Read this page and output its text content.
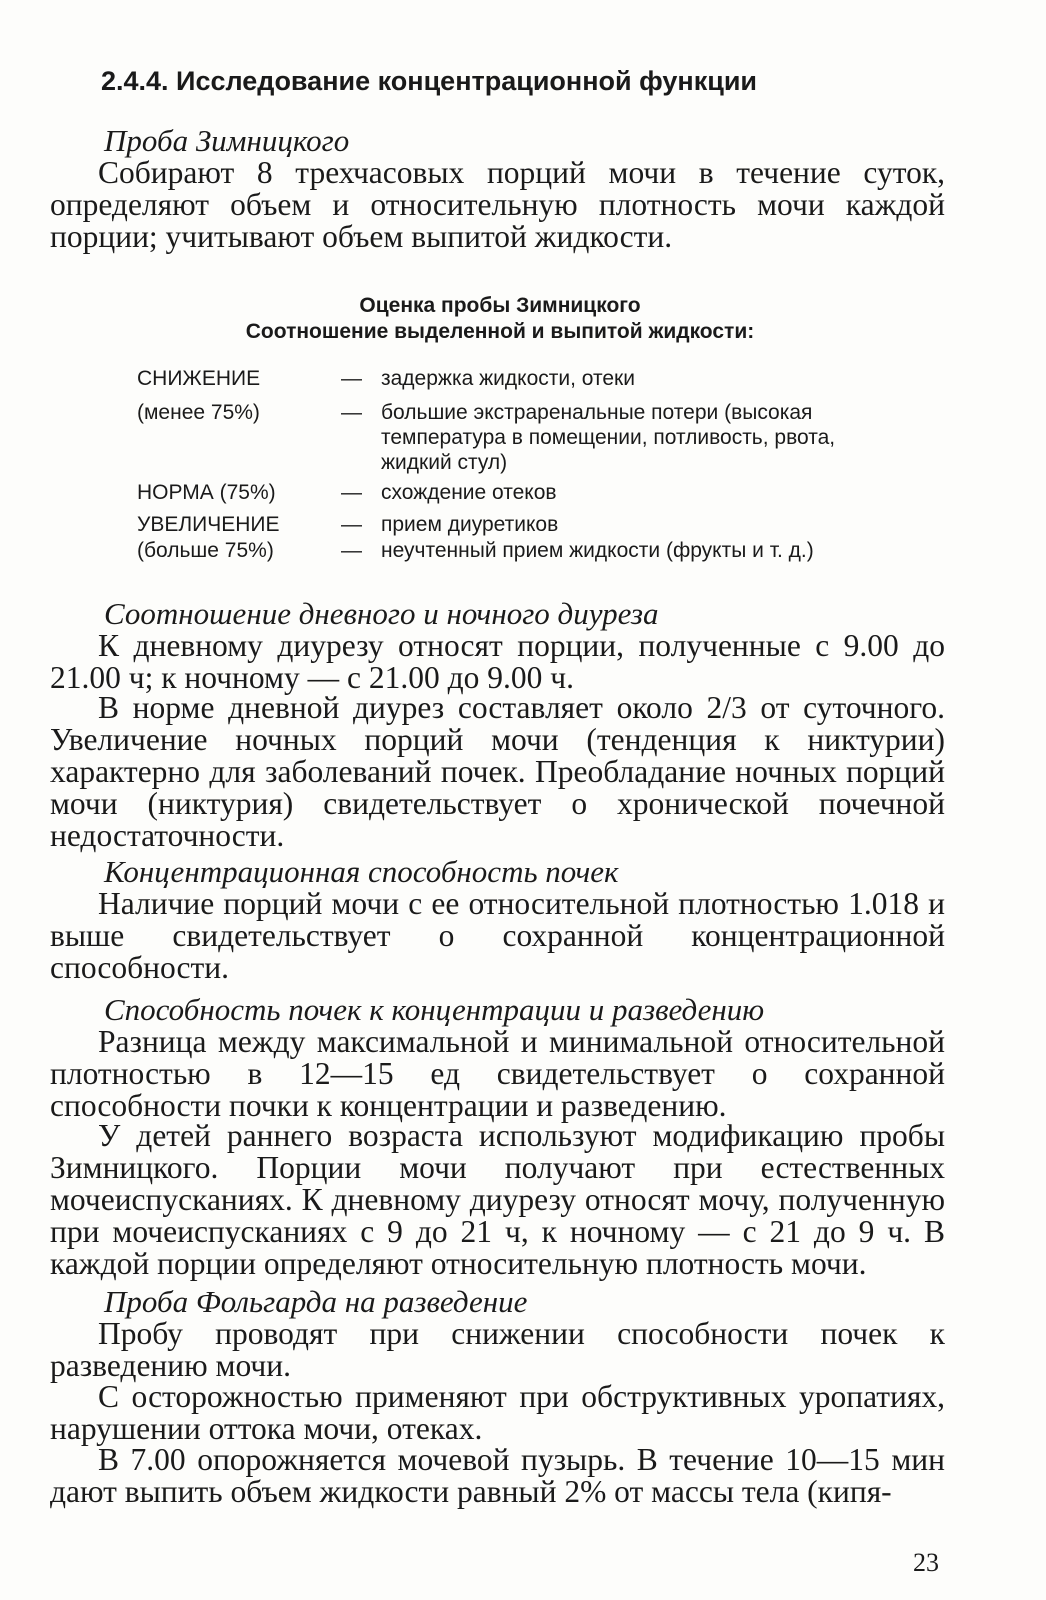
2.4.4. Исследование концентрационной функции

Проба Зимницкого

Собирают 8 трехчасовых порций мочи в течение суток, определяют объем и относительную плотность мочи каждой порции; учитывают объем выпитой жидкости.

Оценка пробы Зимницкого

Соотношение выделенной и выпитой жидкости:

СНИЖЕНИЕ	— задержка жидкости, отеки
(менее 75%)	— большие экстраренальные потери (высокая температура в помещении, потливость, рвота, жидкий стул)
НОРМА (75%)	— схождение отеков
УВЕЛИЧЕНИЕ	— прием диуретиков
(больше 75%)	— неучтенный прием жидкости (фрукты и т. д.)

Соотношение дневного и ночного диуреза

К дневному диурезу относят порции, полученные с 9.00 до 21.00 ч; к ночному — с 21.00 до 9.00 ч.

В норме дневной диурез составляет около 2/3 от суточного. Увеличение ночных порций мочи (тенденция к никтурии) характерно для заболеваний почек. Преобладание ночных порций мочи (никтурия) свидетельствует о хронической почечной недостаточности.

Концентрационная способность почек

Наличие порций мочи с ее относительной плотностью 1.018 и выше свидетельствует о сохранной концентрационной способности.

Способность почек к концентрации и разведению

Разница между максимальной и минимальной относительной плотностью в 12—15 ед свидетельствует о сохранной способности почки к концентрации и разведению.

У детей раннего возраста используют модификацию пробы Зимницкого. Порции мочи получают при естественных мочеиспусканиях. К дневному диурезу относят мочу, полученную при мочеиспусканиях с 9 до 21 ч, к ночному — с 21 до 9 ч. В каждой порции определяют относительную плотность мочи.

Проба Фольгарда на разведение

Пробу проводят при снижении способности почек к разведению мочи.

С осторожностью применяют при обструктивных уропатиях, нарушении оттока мочи, отеках.

В 7.00 опорожняется мочевой пузырь. В течение 10—15 мин дают выпить объем жидкости равный 2% от массы тела (кипя-

23
